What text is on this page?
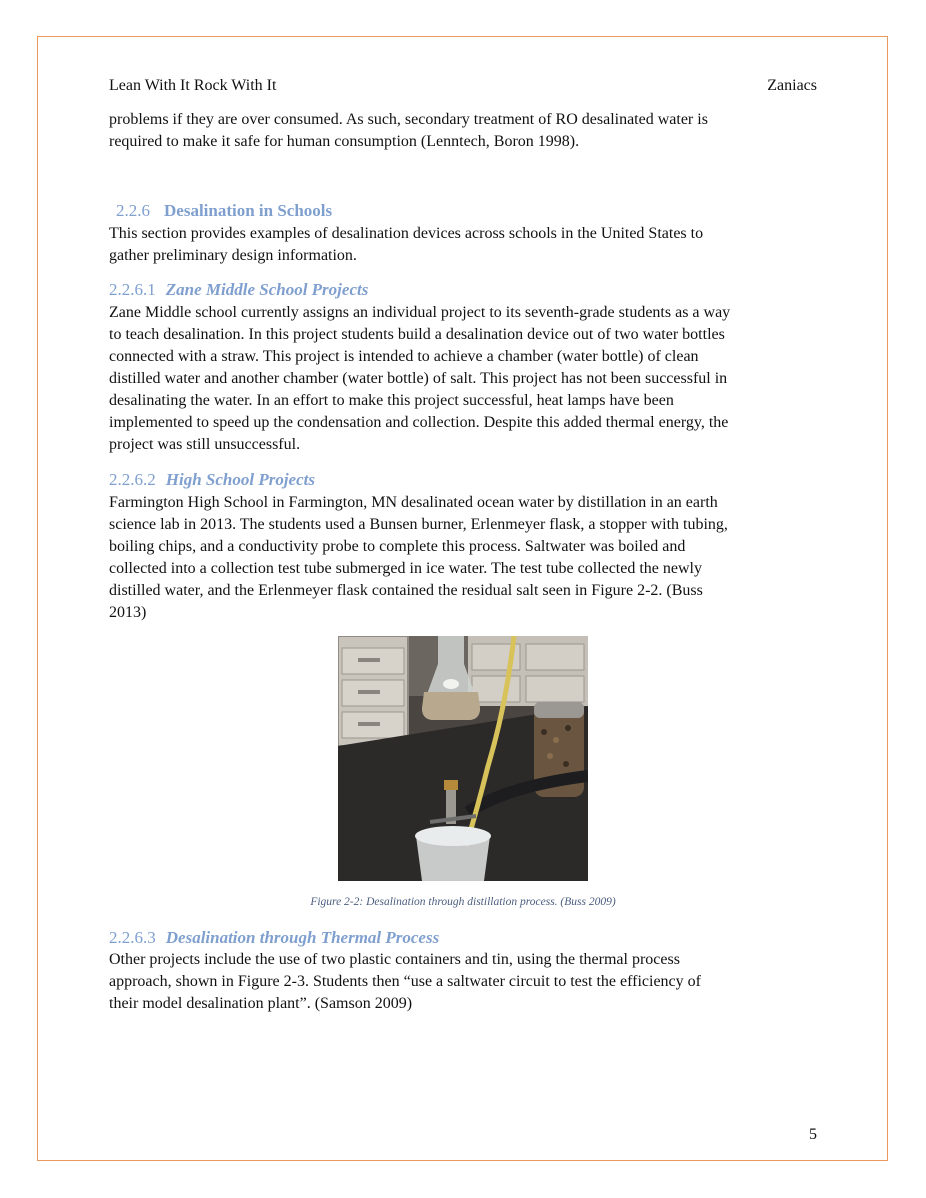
Lean With It Rock With It	Zaniacs
problems if they are over consumed. As such, secondary treatment of RO desalinated water is
required to make it safe for human consumption (Lenntech, Boron 1998).
2.2.6 Desalination in Schools
This section provides examples of desalination devices across schools in the United States to
gather preliminary design information.
2.2.6.1 Zane Middle School Projects
Zane Middle school currently assigns an individual project to its seventh-grade students as a way
to teach desalination. In this project students build a desalination device out of two water bottles
connected with a straw. This project is intended to achieve a chamber (water bottle) of clean
distilled water and another chamber (water bottle) of salt. This project has not been successful in
desalinating the water. In an effort to make this project successful, heat lamps have been
implemented to speed up the condensation and collection. Despite this added thermal energy, the
project was still unsuccessful.
2.2.6.2 High School Projects
Farmington High School in Farmington, MN desalinated ocean water by distillation in an earth
science lab in 2013. The students used a Bunsen burner, Erlenmeyer flask, a stopper with tubing,
boiling chips, and a conductivity probe to complete this process. Saltwater was boiled and
collected into a collection test tube submerged in ice water. The test tube collected the newly
distilled water, and the Erlenmeyer flask contained the residual salt seen in Figure 2-2. (Buss
2013)
Figure 2-2: Desalination through distillation process. (Buss 2009)
2.2.6.3 Desalination through Thermal Process
Other projects include the use of two plastic containers and tin, using the thermal process
approach, shown in Figure 2-3. Students then “use a saltwater circuit to test the efficiency of
their model desalination plant”. (Samson 2009)
5
